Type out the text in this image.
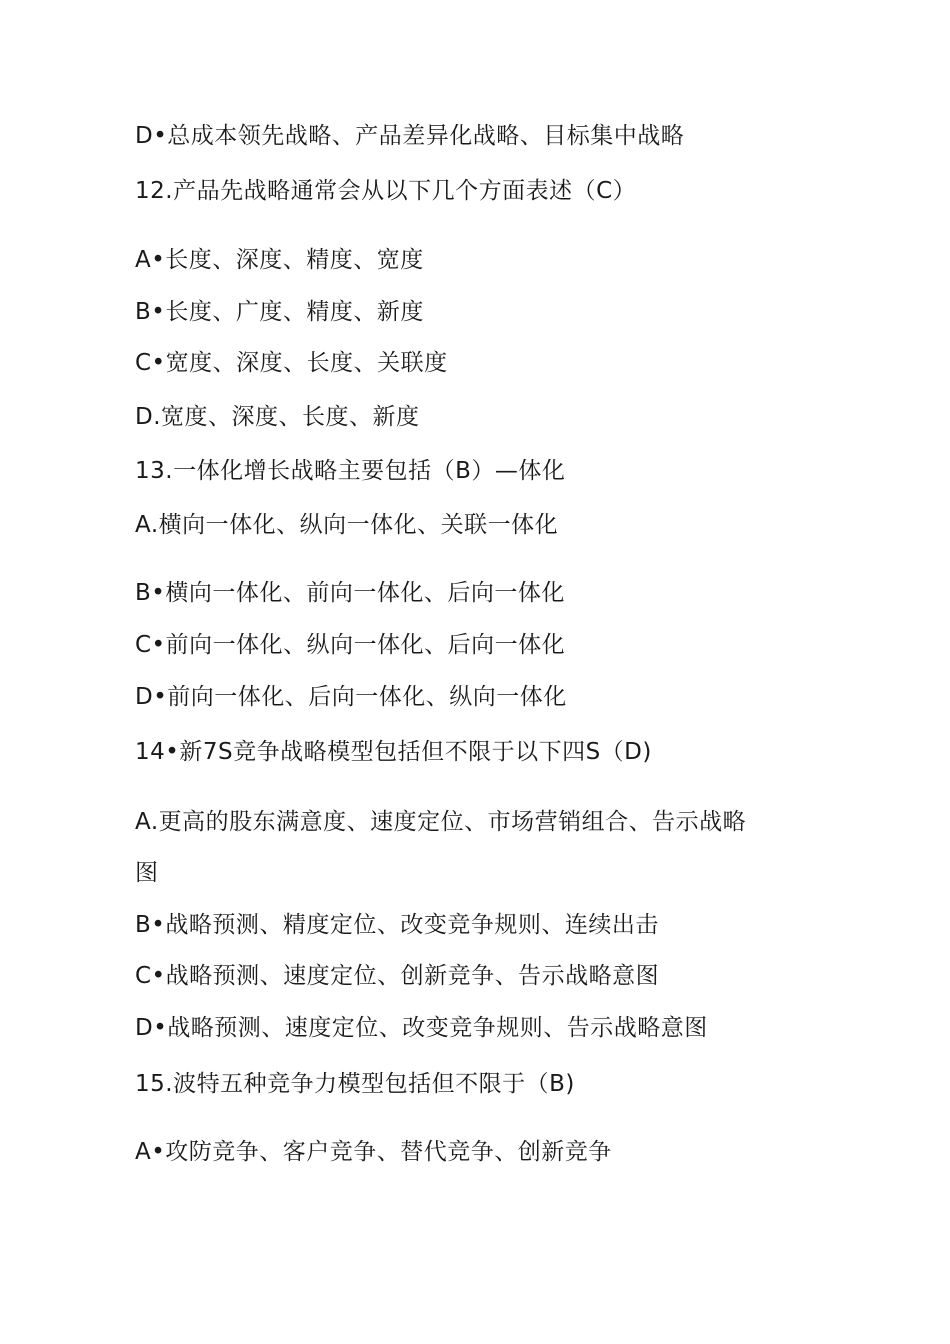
D•总成本领先战略、产品差异化战略、目标集中战略
12.产品先战略通常会从以下几个方面表述（C）
A•长度、深度、精度、宽度
B•长度、广度、精度、新度
C•宽度、深度、长度、关联度
D.宽度、深度、长度、新度
13.一体化增长战略主要包括（B）—体化
A.横向一体化、纵向一体化、关联一体化
B•横向一体化、前向一体化、后向一体化
C•前向一体化、纵向一体化、后向一体化
D•前向一体化、后向一体化、纵向一体化
14•新7S竞争战略模型包括但不限于以下四S（D)
A.更高的股东满意度、速度定位、市场营销组合、告示战略
图
B•战略预测、精度定位、改变竞争规则、连续出击
C•战略预测、速度定位、创新竞争、告示战略意图
D•战略预测、速度定位、改变竞争规则、告示战略意图
15.波特五种竞争力模型包括但不限于（B)
A•攻防竞争、客户竞争、替代竞争、创新竞争
